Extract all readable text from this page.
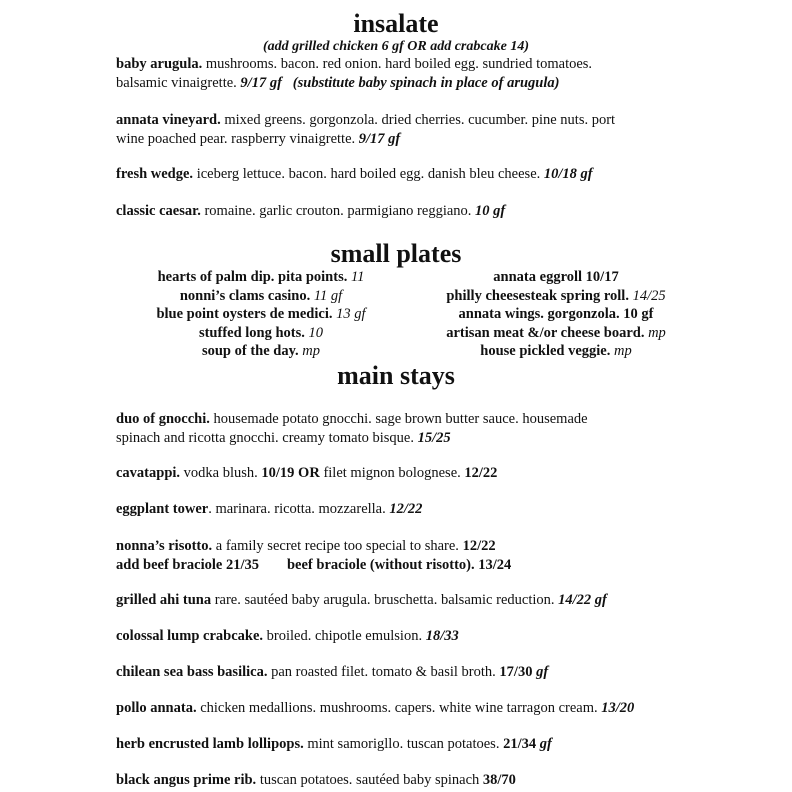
insalate
(add grilled chicken 6 gf OR add crabcake 14)
baby arugula. mushrooms. bacon. red onion. hard boiled egg. sundried tomatoes.
balsamic vinaigrette. 9/17 gf (substitute baby spinach in place of arugula)
annata vineyard. mixed greens. gorgonzola. dried cherries. cucumber. pine nuts. port
wine poached pear. raspberry vinaigrette. 9/17 gf
fresh wedge. iceberg lettuce. bacon. hard boiled egg. danish bleu cheese. 10/18 gf
classic caesar. romaine. garlic crouton. parmigiano reggiano. 10 gf
small plates
hearts of palm dip. pita points. 11
nonni’s clams casino. 11 gf
blue point oysters de medici. 13 gf
stuffed long hots. 10
soup of the day. mp
annata eggroll 10/17
philly cheesesteak spring roll. 14/25
annata wings. gorgonzola. 10 gf
artisan meat &/or cheese board. mp
house pickled veggie. mp
main stays
duo of gnocchi. housemade potato gnocchi. sage brown butter sauce. housemade
spinach and ricotta gnocchi. creamy tomato bisque. 15/25
cavatappi. vodka blush. 10/19 OR filet mignon bolognese. 12/22
eggplant tower. marinara. ricotta. mozzarella. 12/22
nonna’s risotto. a family secret recipe too special to share. 12/22
add beef braciole 21/35 beef braciole (without risotto). 13/24
grilled ahi tuna rare. sautéed baby arugula. bruschetta. balsamic reduction. 14/22 gf
colossal lump crabcake. broiled. chipotle emulsion. 18/33
chilean sea bass basilica. pan roasted filet. tomato & basil broth. 17/30 gf
pollo annata. chicken medallions. mushrooms. capers. white wine tarragon cream. 13/20
herb encrusted lamb lollipops. mint samorigllo. tuscan potatoes. 21/34 gf
black angus prime rib. tuscan potatoes. sautéed baby spinach 38/70
